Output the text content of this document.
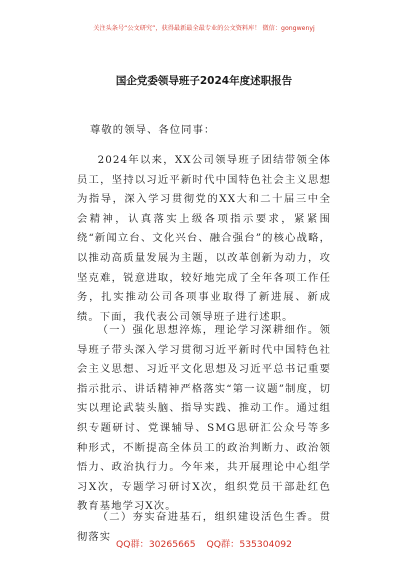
关注头条号“公文研究”，获得最新最全最专业的公文资料库！ 微信：gongwenyj
国企党委领导班子2024年度述职报告
尊敬的领导、各位同事：

2024年以来，XX公司领导班子团结带领全体员工，坚持以习近平新时代中国特色社会主义思想为指导，深入学习贯彻党的XX大和二十届三中全会精神，认真落实上级各项指示要求，紧紧围绕“新闻立台、文化兴台、融合强台”的核心战略，以推动高质量发展为主题，以改革创新为动力，攻坚克难，锐意进取，较好地完成了全年各项工作任务，扎实推动公司各项事业取得了新进展、新成绩。下面，我代表公司领导班子进行述职。

（一）强化思想淬炼，理论学习深耕细作。领导班子带头深入学习贯彻习近平新时代中国特色社会主义思想、习近平文化思想及习近平总书记重要指示批示、讲话精神严格落实“第一议题”制度，切实以理论武装头脑、指导实践、推动工作。通过组织专题研讨、党课辅导、SMG思研汇公众号等多种形式，不断提高全体员工的政治判断力、政治领悟力、政治执行力。今年来，共开展理论中心组学习X次，专题学习研讨X次，组织党员干部赴红色教育基地学习X次。

（二）夯实奋进基石，组织建设活色生香。贯彻落实

QQ群：30265665 QQ群：535304092
